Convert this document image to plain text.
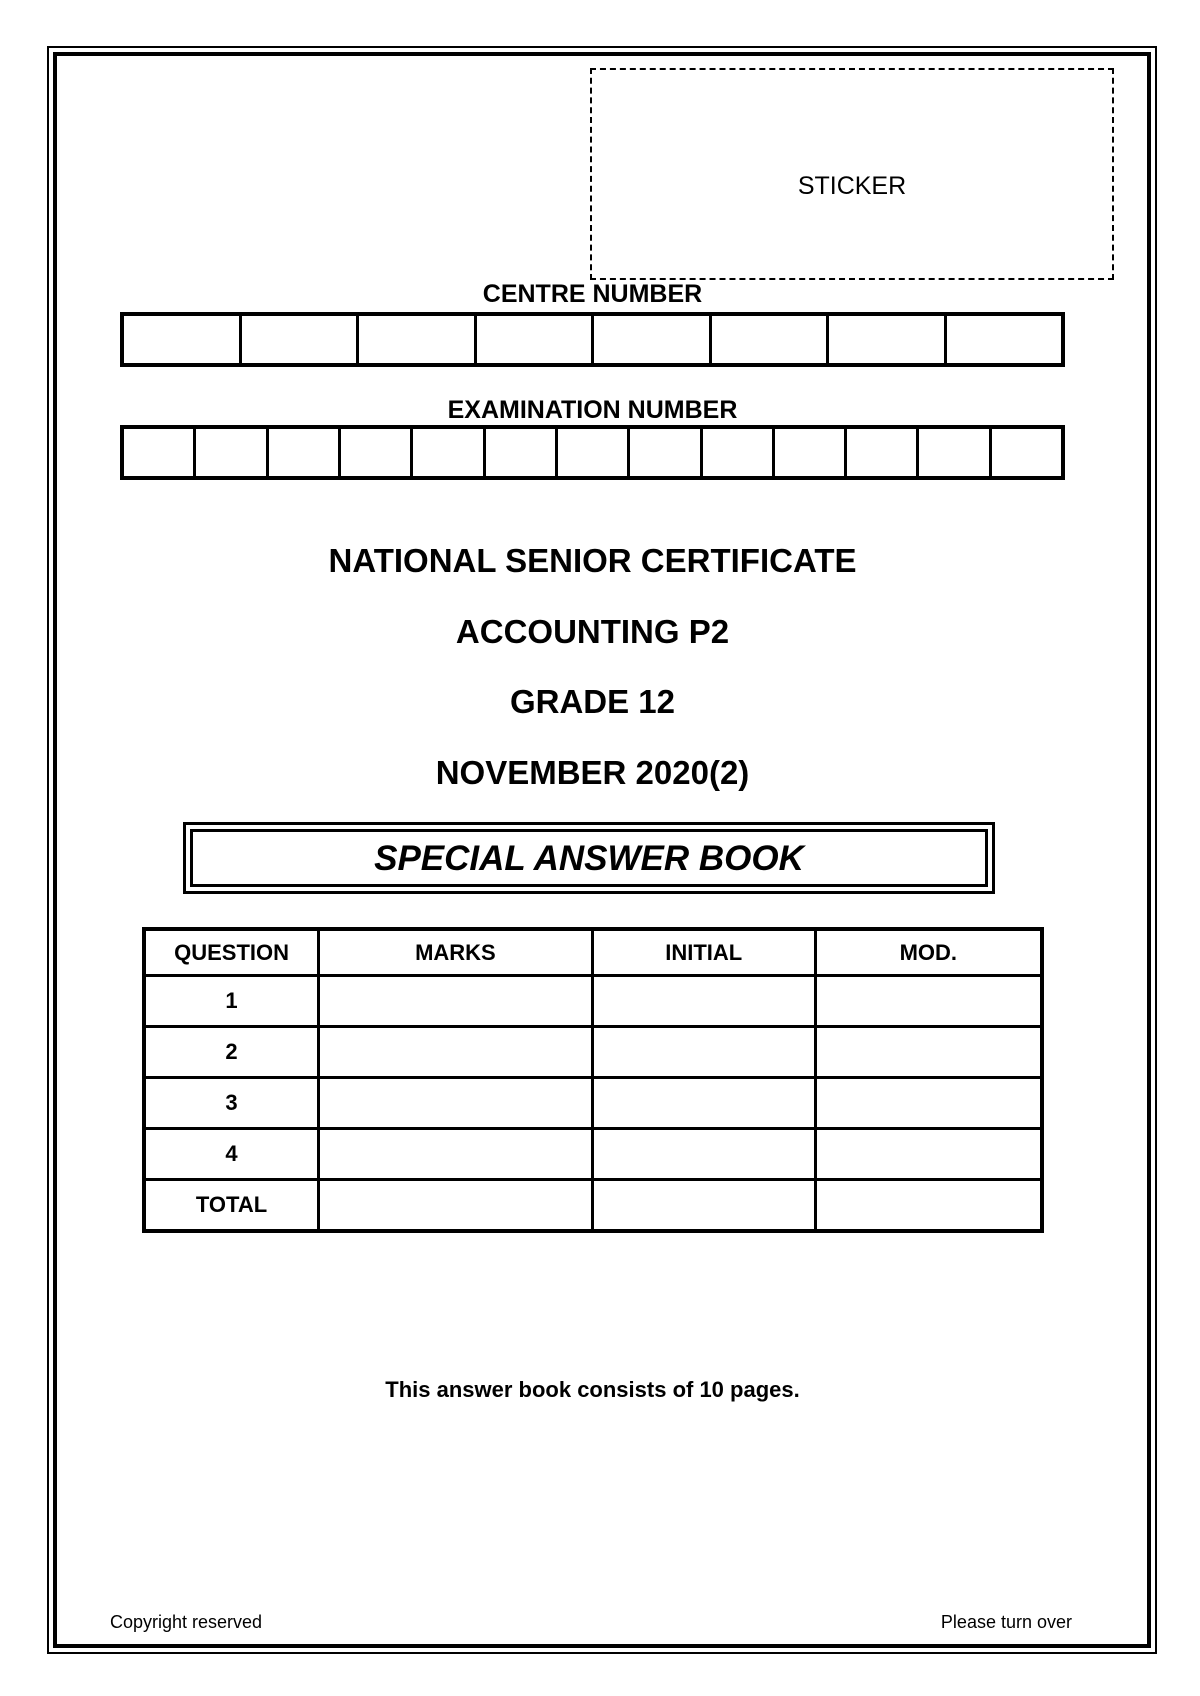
STICKER
CENTRE NUMBER
EXAMINATION NUMBER
NATIONAL SENIOR CERTIFICATE
ACCOUNTING P2
GRADE 12
NOVEMBER 2020(2)
SPECIAL ANSWER BOOK
QUESTION	MARKS	INITIAL	MOD.
1			
2			
3			
4			
TOTAL			
This answer book consists of 10 pages.
Copyright reserved	Please turn over
